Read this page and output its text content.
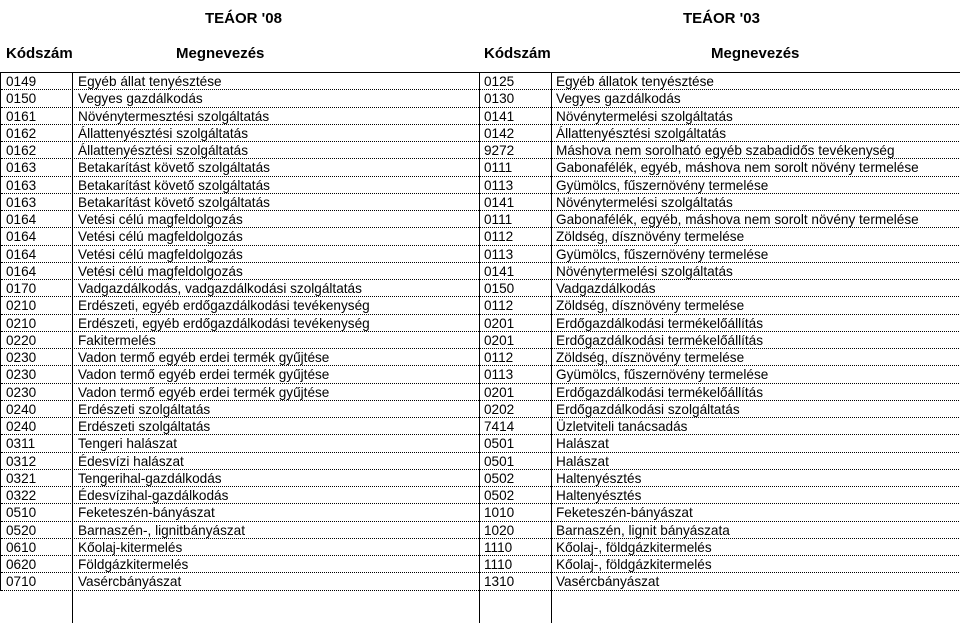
TEÁOR '08	TEÁOR '03
Kódszám	Megnevezés	Kódszám	Megnevezés
0149	Egyéb állat tenyésztése	0125	Egyéb állatok tenyésztése
0150	Vegyes gazdálkodás	0130	Vegyes gazdálkodás
0161	Növénytermesztési szolgáltatás	0141	Növénytermelési szolgáltatás
0162	Állattenyésztési szolgáltatás	0142	Állattenyésztési szolgáltatás
0162	Állattenyésztési szolgáltatás	9272	Máshova nem sorolható egyéb szabadidős tevékenység
0163	Betakarítást követő szolgáltatás	0111	Gabonafélék, egyéb, máshova nem sorolt növény termelése
0163	Betakarítást követő szolgáltatás	0113	Gyümölcs, fűszernövény termelése
0163	Betakarítást követő szolgáltatás	0141	Növénytermelési szolgáltatás
0164	Vetési célú magfeldolgozás	0111	Gabonafélék, egyéb, máshova nem sorolt növény termelése
0164	Vetési célú magfeldolgozás	0112	Zöldség, dísznövény termelése
0164	Vetési célú magfeldolgozás	0113	Gyümölcs, fűszernövény termelése
0164	Vetési célú magfeldolgozás	0141	Növénytermelési szolgáltatás
0170	Vadgazdálkodás, vadgazdálkodási szolgáltatás	0150	Vadgazdálkodás
0210	Erdészeti, egyéb erdőgazdálkodási tevékenység	0112	Zöldség, dísznövény termelése
0210	Erdészeti, egyéb erdőgazdálkodási tevékenység	0201	Erdőgazdálkodási termékelőállítás
0220	Fakitermelés	0201	Erdőgazdálkodási termékelőállítás
0230	Vadon termő egyéb erdei termék gyűjtése	0112	Zöldség, dísznövény termelése
0230	Vadon termő egyéb erdei termék gyűjtése	0113	Gyümölcs, fűszernövény termelése
0230	Vadon termő egyéb erdei termék gyűjtése	0201	Erdőgazdálkodási termékelőállítás
0240	Erdészeti szolgáltatás	0202	Erdőgazdálkodási szolgáltatás
0240	Erdészeti szolgáltatás	7414	Üzletviteli tanácsadás
0311	Tengeri halászat	0501	Halászat
0312	Édesvízi halászat	0501	Halászat
0321	Tengerihal-gazdálkodás	0502	Haltenyésztés
0322	Édesvízihal-gazdálkodás	0502	Haltenyésztés
0510	Feketeszén-bányászat	1010	Feketeszén-bányászat
0520	Barnaszén-, lignitbányászat	1020	Barnaszén, lignit bányászata
0610	Kőolaj-kitermelés	1110	Kőolaj-, földgázkitermelés
0620	Földgázkitermelés	1110	Kőolaj-, földgázkitermelés
0710	Vasércbányászat	1310	Vasércbányászat
